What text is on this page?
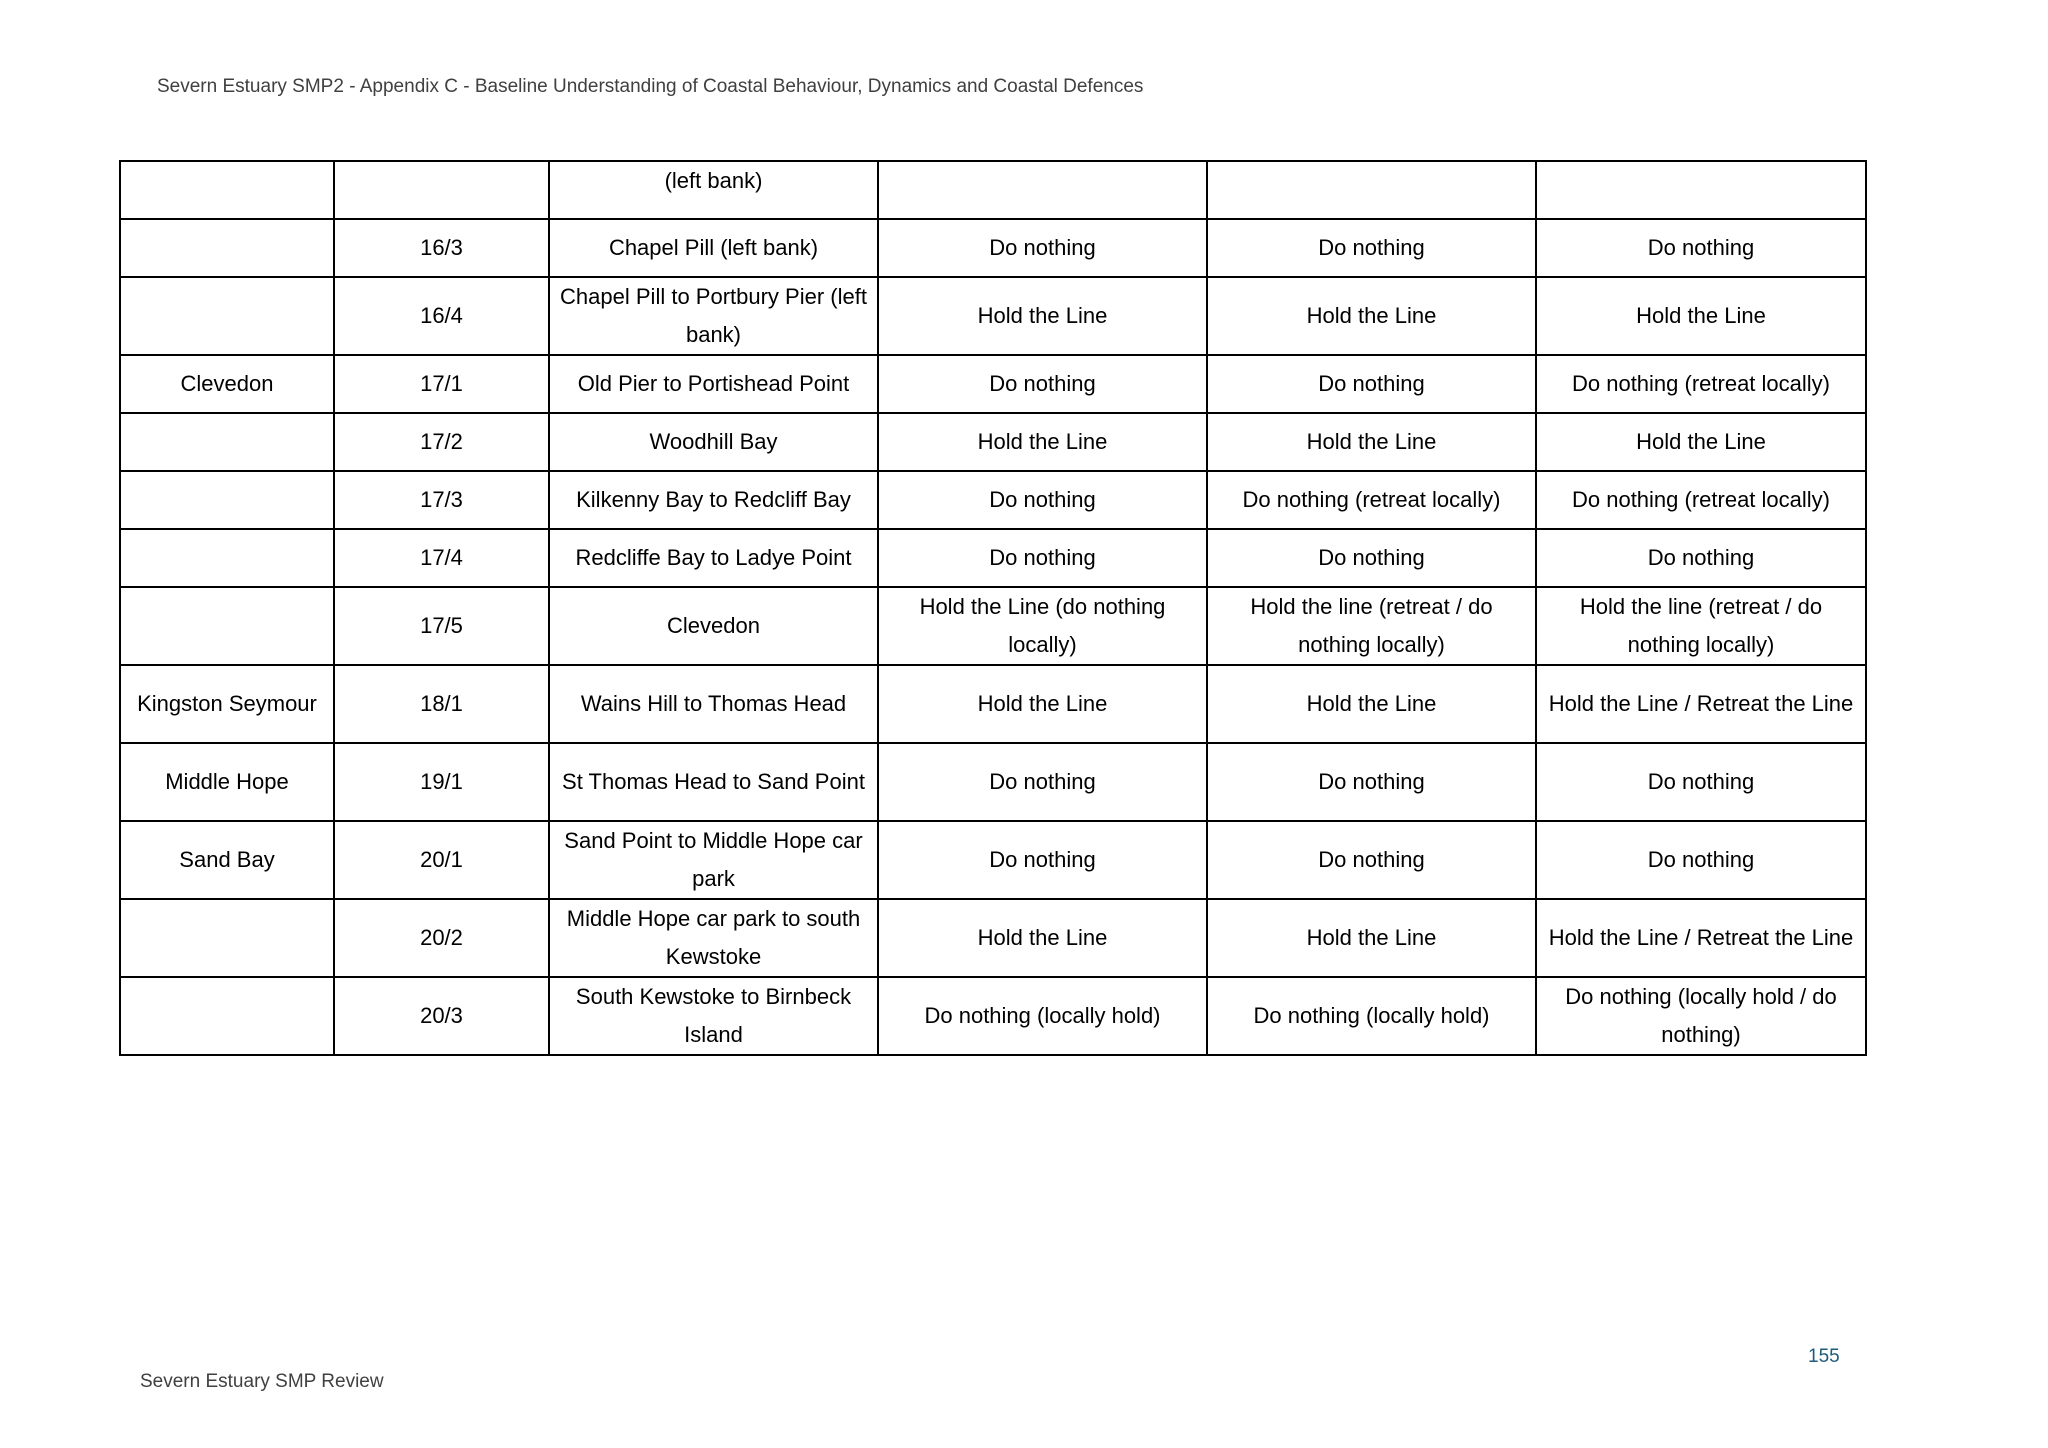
Severn Estuary SMP2 - Appendix C - Baseline Understanding of Coastal Behaviour, Dynamics and Coastal Defences
		(left bank)			
	16/3	Chapel Pill (left bank)	Do nothing	Do nothing	Do nothing
	16/4	Chapel Pill to Portbury Pier (left bank)	Hold the Line	Hold the Line	Hold the Line
Clevedon	17/1	Old Pier to Portishead Point	Do nothing	Do nothing	Do nothing (retreat locally)
	17/2	Woodhill Bay	Hold the Line	Hold the Line	Hold the Line
	17/3	Kilkenny Bay to Redcliff Bay	Do nothing	Do nothing (retreat locally)	Do nothing (retreat locally)
	17/4	Redcliffe Bay to Ladye Point	Do nothing	Do nothing	Do nothing
	17/5	Clevedon	Hold the Line (do nothing locally)	Hold the line (retreat / do nothing locally)	Hold the line (retreat / do nothing locally)
Kingston Seymour	18/1	Wains Hill to Thomas Head	Hold the Line	Hold the Line	Hold the Line / Retreat the Line
Middle Hope	19/1	St Thomas Head to Sand Point	Do nothing	Do nothing	Do nothing
Sand Bay	20/1	Sand Point to Middle Hope car park	Do nothing	Do nothing	Do nothing
	20/2	Middle Hope car park to south Kewstoke	Hold the Line	Hold the Line	Hold the Line / Retreat the Line
	20/3	South Kewstoke to Birnbeck Island	Do nothing (locally hold)	Do nothing (locally hold)	Do nothing (locally hold / do nothing)
155
Severn Estuary SMP Review
